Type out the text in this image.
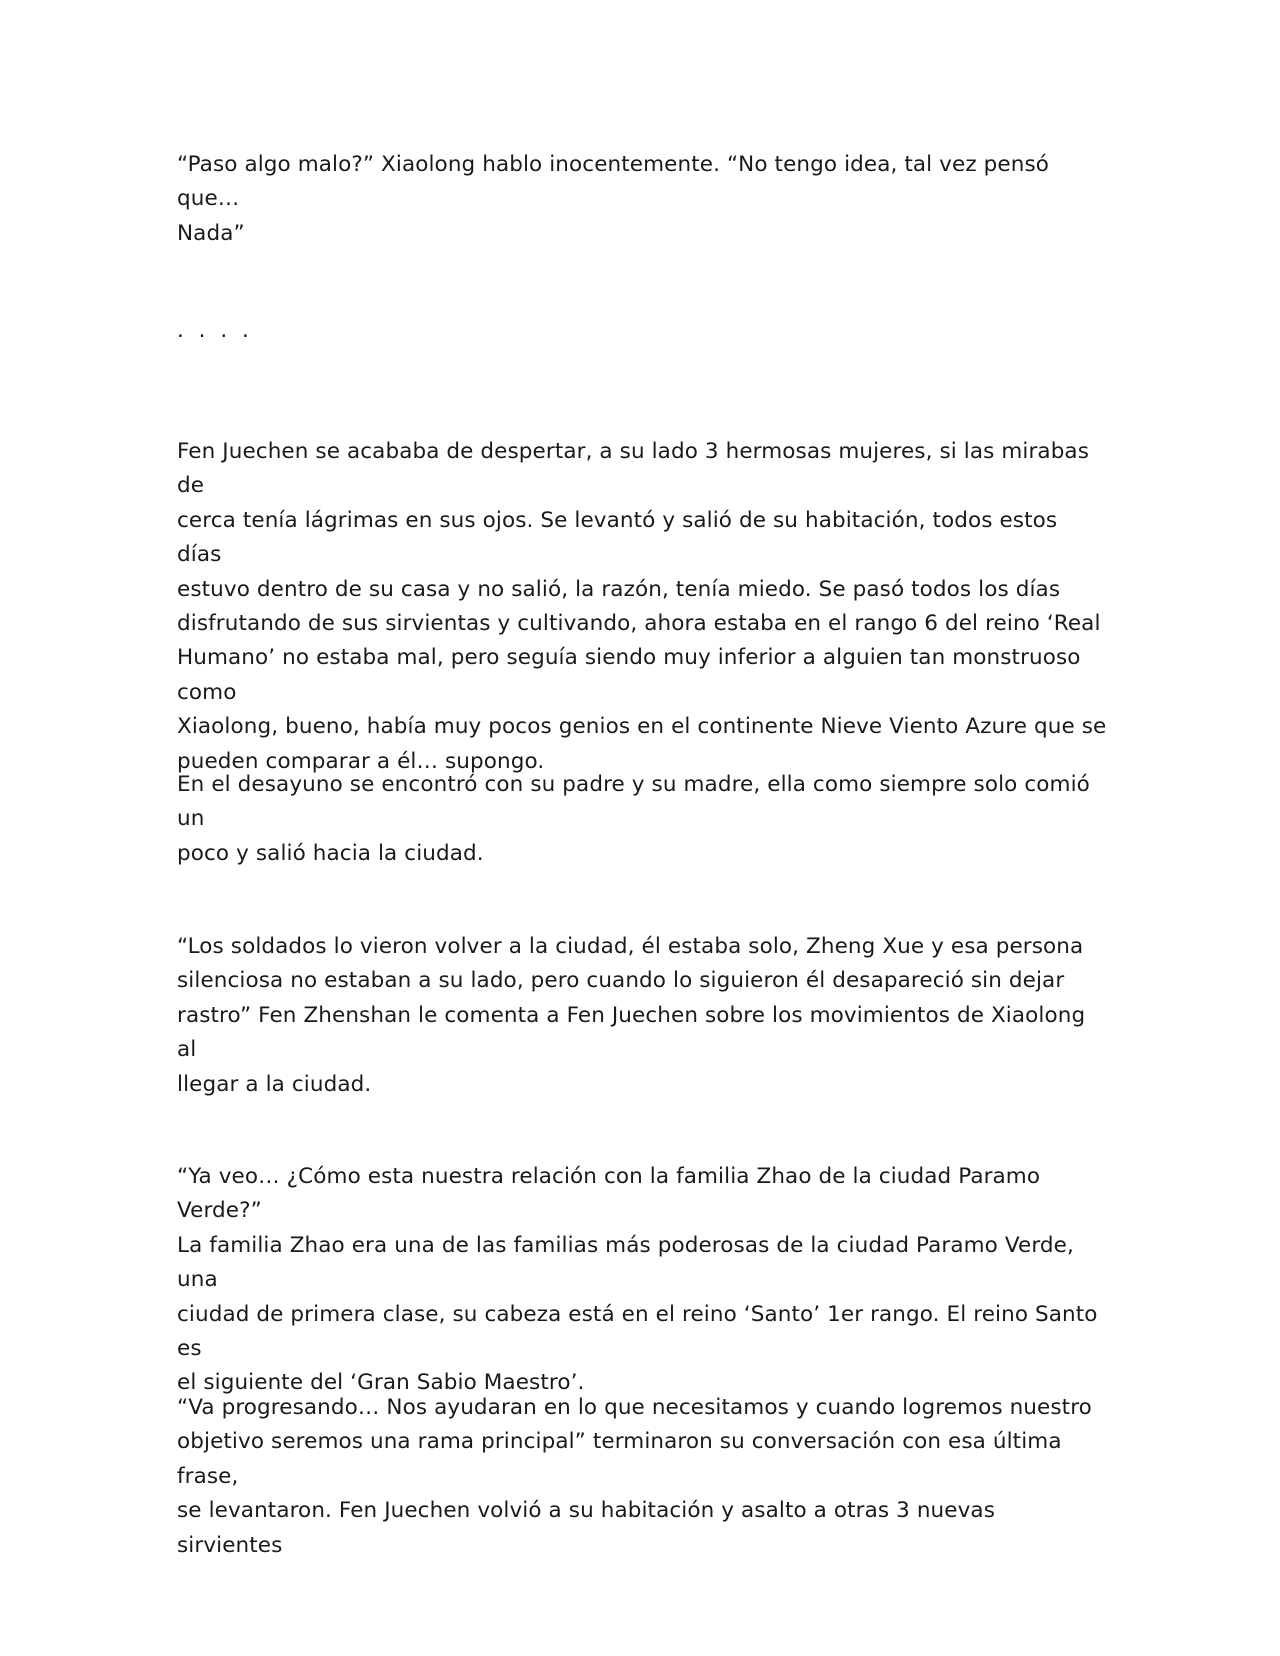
“Paso algo malo?” Xiaolong hablo inocentemente. “No tengo idea, tal vez pensó que…
Nada”

. . . .

Fen Juechen se acababa de despertar, a su lado 3 hermosas mujeres, si las mirabas de
cerca tenía lágrimas en sus ojos. Se levantó y salió de su habitación, todos estos días
estuvo dentro de su casa y no salió, la razón, tenía miedo. Se pasó todos los días
disfrutando de sus sirvientas y cultivando, ahora estaba en el rango 6 del reino ‘Real
Humano’ no estaba mal, pero seguía siendo muy inferior a alguien tan monstruoso como
Xiaolong, bueno, había muy pocos genios en el continente Nieve Viento Azure que se
pueden comparar a él… supongo.

En el desayuno se encontró con su padre y su madre, ella como siempre solo comió un
poco y salió hacia la ciudad.

“Los soldados lo vieron volver a la ciudad, él estaba solo, Zheng Xue y esa persona
silenciosa no estaban a su lado, pero cuando lo siguieron él desapareció sin dejar
rastro” Fen Zhenshan le comenta a Fen Juechen sobre los movimientos de Xiaolong al
llegar a la ciudad.

“Ya veo… ¿Cómo esta nuestra relación con la familia Zhao de la ciudad Paramo Verde?”
La familia Zhao era una de las familias más poderosas de la ciudad Paramo Verde, una
ciudad de primera clase, su cabeza está en el reino ‘Santo’ 1er rango. El reino Santo es
el siguiente del ‘Gran Sabio Maestro’.

“Va progresando… Nos ayudaran en lo que necesitamos y cuando logremos nuestro
objetivo seremos una rama principal” terminaron su conversación con esa última frase,
se levantaron. Fen Juechen volvió a su habitación y asalto a otras 3 nuevas sirvientes
